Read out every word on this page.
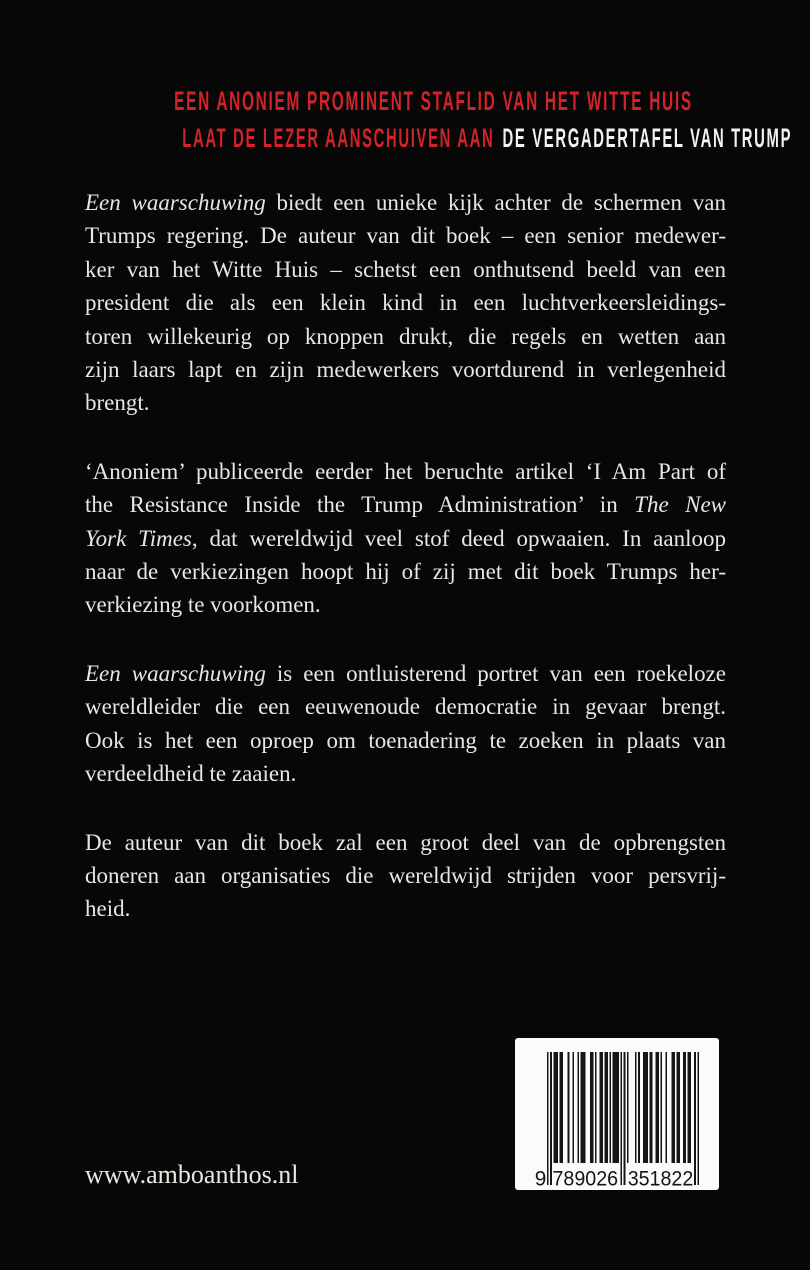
EEN ANONIEM PROMINENT STAFLID VAN HET WITTE HUIS
LAAT DE LEZER AANSCHUIVEN AAN DE VERGADERTAFEL VAN TRUMP
Een waarschuwing biedt een unieke kijk achter de schermen van
Trumps regering. De auteur van dit boek – een senior medewer-
ker van het Witte Huis – schetst een onthutsend beeld van een
president die als een klein kind in een luchtverkeersleidings-
toren willekeurig op knoppen drukt, die regels en wetten aan
zijn laars lapt en zijn medewerkers voortdurend in verlegenheid
brengt.
‘Anoniem’ publiceerde eerder het beruchte artikel ‘I Am Part of
the Resistance Inside the Trump Administration’ in The New
York Times, dat wereldwijd veel stof deed opwaaien. In aanloop
naar de verkiezingen hoopt hij of zij met dit boek Trumps her-
verkiezing te voorkomen.
Een waarschuwing is een ontluisterend portret van een roekeloze
wereldleider die een eeuwenoude democratie in gevaar brengt.
Ook is het een oproep om toenadering te zoeken in plaats van
verdeeldheid te zaaien.
De auteur van dit boek zal een groot deel van de opbrengsten
doneren aan organisaties die wereldwijd strijden voor persvrij-
heid.
www.amboanthos.nl	9 789026 351822
